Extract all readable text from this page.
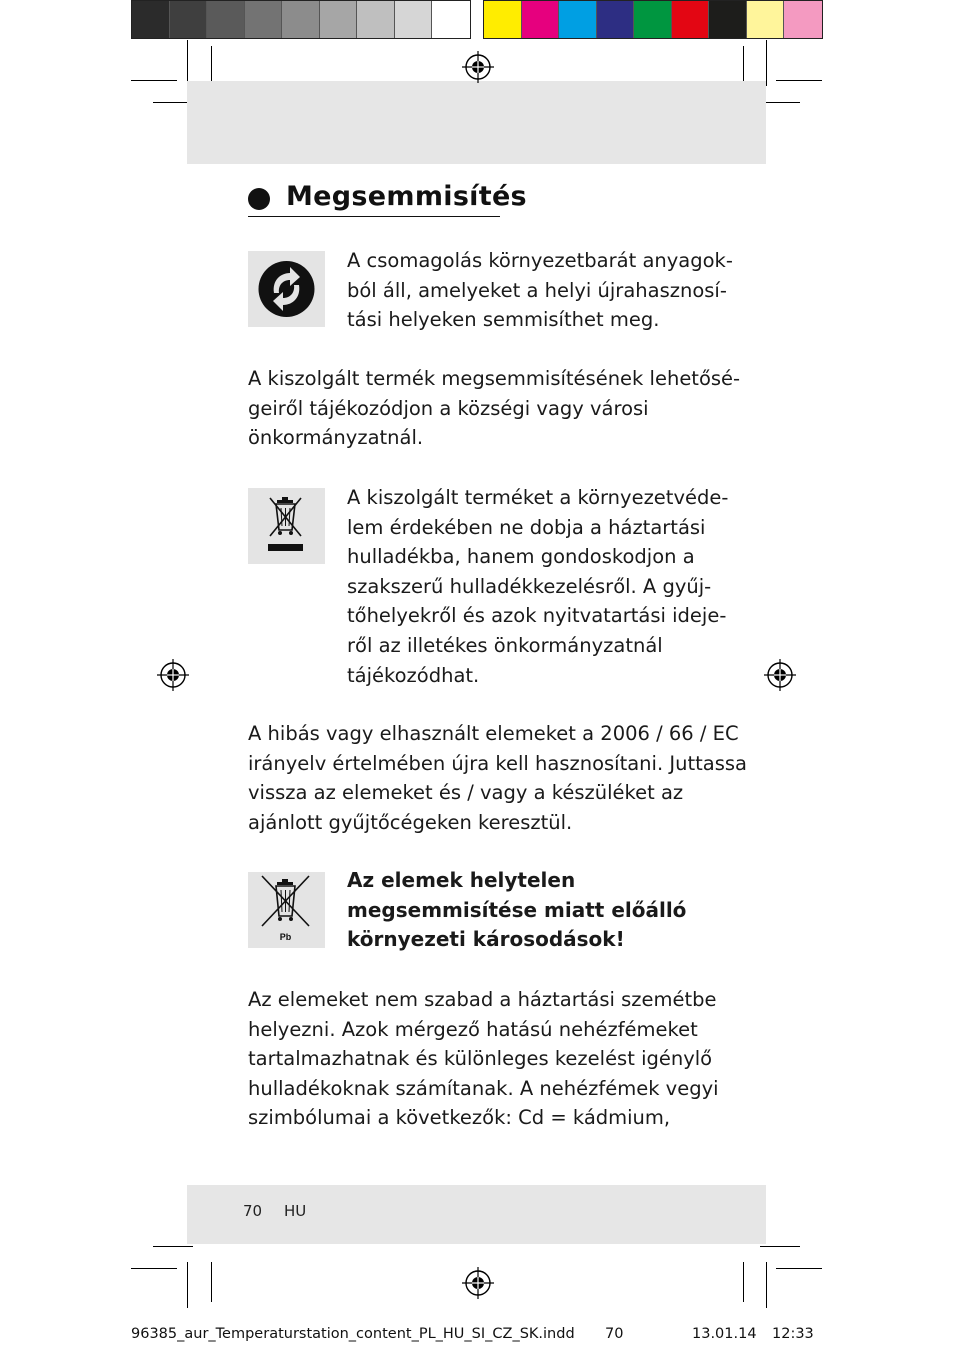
Megsemmisítés

A csomagolás környezetbarát anyagok-

ból áll, amelyeket a helyi újrahasznosí-

tási helyeken semmisíthet meg.

A kiszolgált termék megsemmisítésének lehetősé-

geiről tájékozódjon a községi vagy városi

önkormányzatnál.

A kiszolgált terméket a környezetvéde-

lem érdekében ne dobja a háztartási

hulladékba, hanem gondoskodjon a

szakszerű hulladékkezelésről. A gyűj-

tőhelyekről és azok nyitvatartási ideje-

ről az illetékes önkormányzatnál

tájékozódhat.

A hibás vagy elhasznált elemeket a 2006 / 66 / EC

irányelv értelmében újra kell hasznosítani. Juttassa

vissza az elemeket és / vagy a készüléket az

ajánlott gyűjtőcégeken keresztül.

Pb

Az elemek helytelen

megsemmisítése miatt előálló

környezeti károsodások!

Az elemeket nem szabad a háztartási szemétbe

helyezni. Azok mérgező hatású nehézfémeket

tartalmazhatnak és különleges kezelést igénylő

hulladékoknak számítanak. A nehézfémek vegyi

szimbólumai a következők: Cd = kádmium,

70 HU
96385_aur_Temperaturstation_content_PL_HU_SI_CZ_SK.indd 70	13.01.14 12:33
